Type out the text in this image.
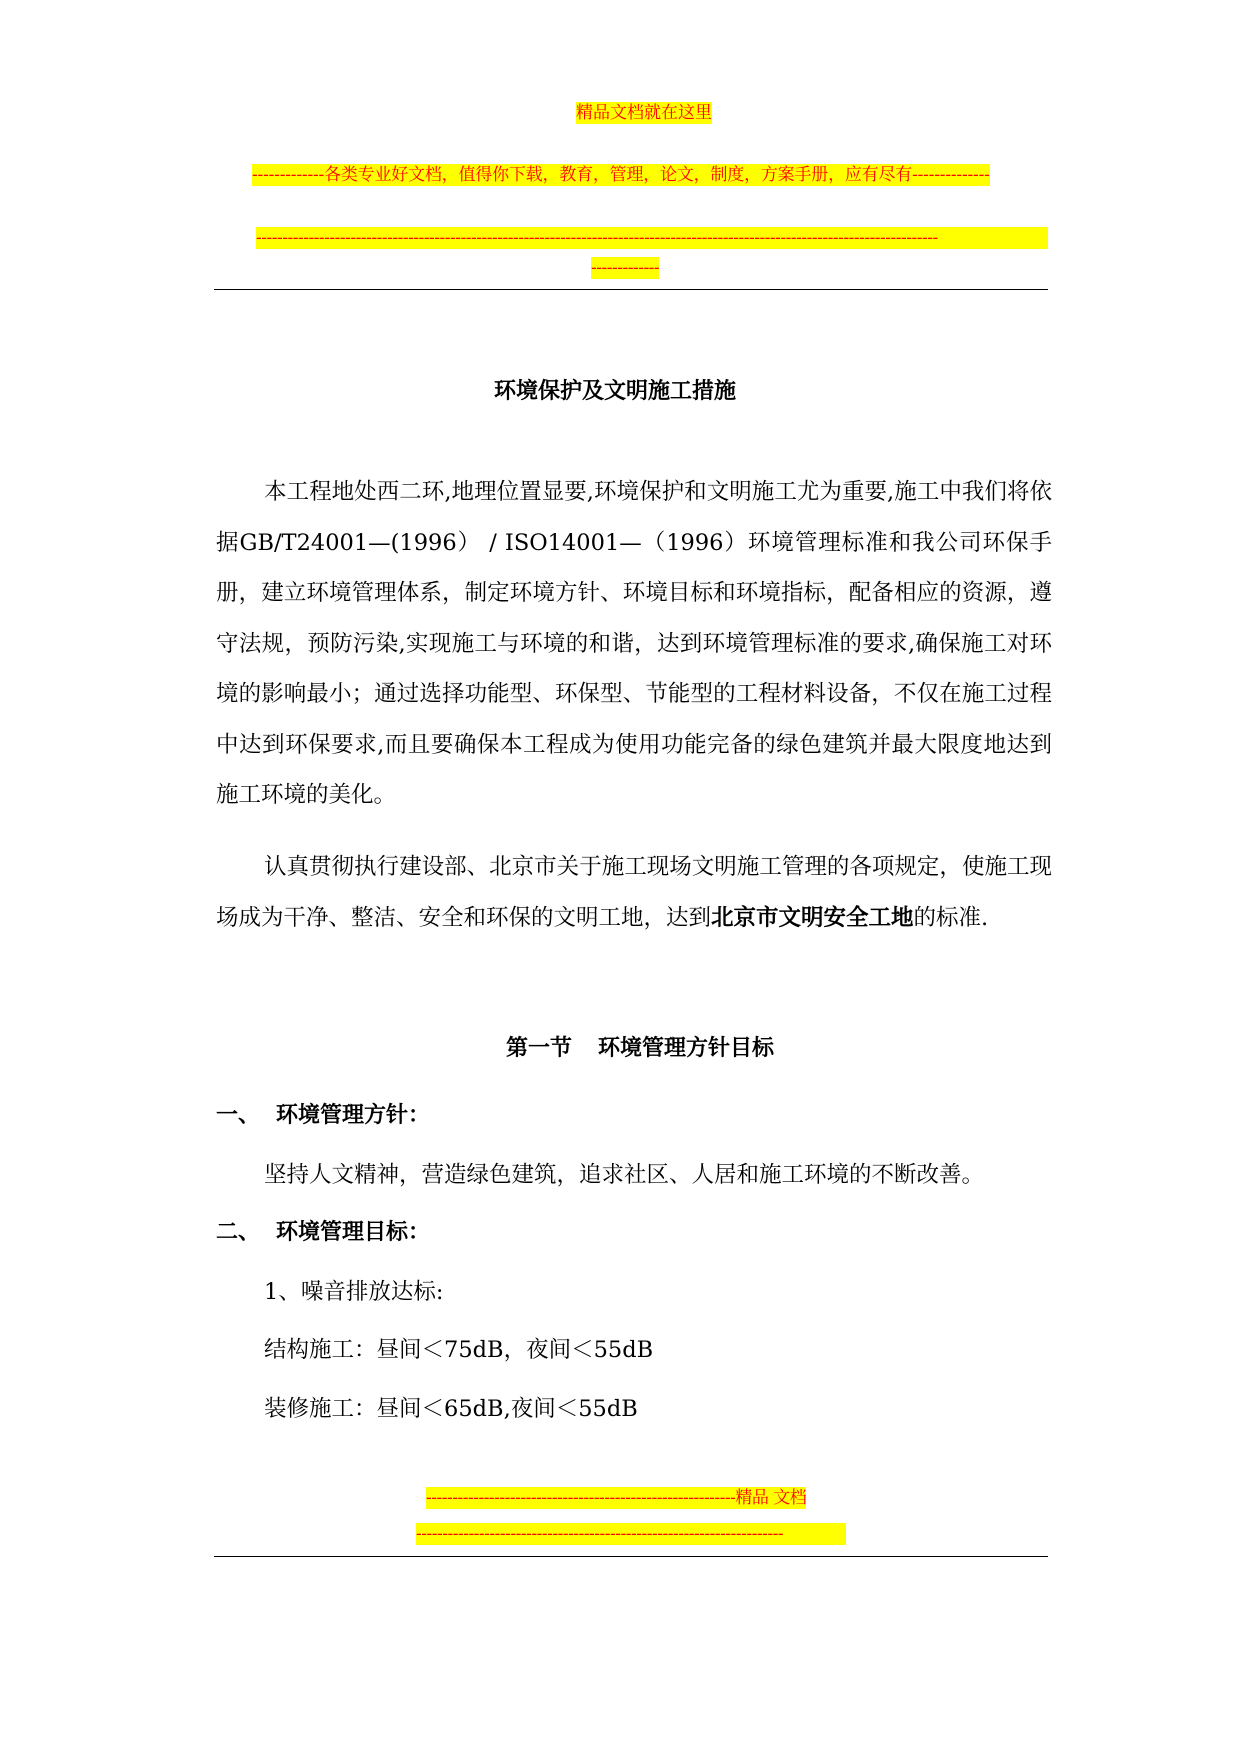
精品文档就在这里
-------------各类专业好文档，值得你下载，教育，管理，论文，制度，方案手册，应有尽有--------------
----------------------------------------------------------------------------------------------------------------------------------
-------------
环境保护及文明施工措施

本工程地处西二环,地理位置显要,环境保护和文明施工尤为重要,施工中我们将依据GB/T24001—(1996） / ISO14001—（1996）环境管理标准和我公司环保手册，建立环境管理体系，制定环境方针、环境目标和环境指标，配备相应的资源，遵守法规，预防污染,实现施工与环境的和谐，达到环境管理标准的要求,确保施工对环境的影响最小；通过选择功能型、环保型、节能型的工程材料设备，不仅在施工过程中达到环保要求,而且要确保本工程成为使用功能完备的绿色建筑并最大限度地达到施工环境的美化。

认真贯彻执行建设部、北京市关于施工现场文明施工管理的各项规定，使施工现场成为干净、整洁、安全和环保的文明工地，达到北京市文明安全工地的标准.

第一节 环境管理方针目标
一、 环境管理方针：
坚持人文精神，营造绿色建筑，追求社区、人居和施工环境的不断改善。
二、 环境管理目标：
1、噪音排放达标:
结构施工：昼间＜75dB，夜间＜55dB
装修施工：昼间＜65dB,夜间＜55dB
-----------------------------------------------------------精品 文档
----------------------------------------------------------------------
